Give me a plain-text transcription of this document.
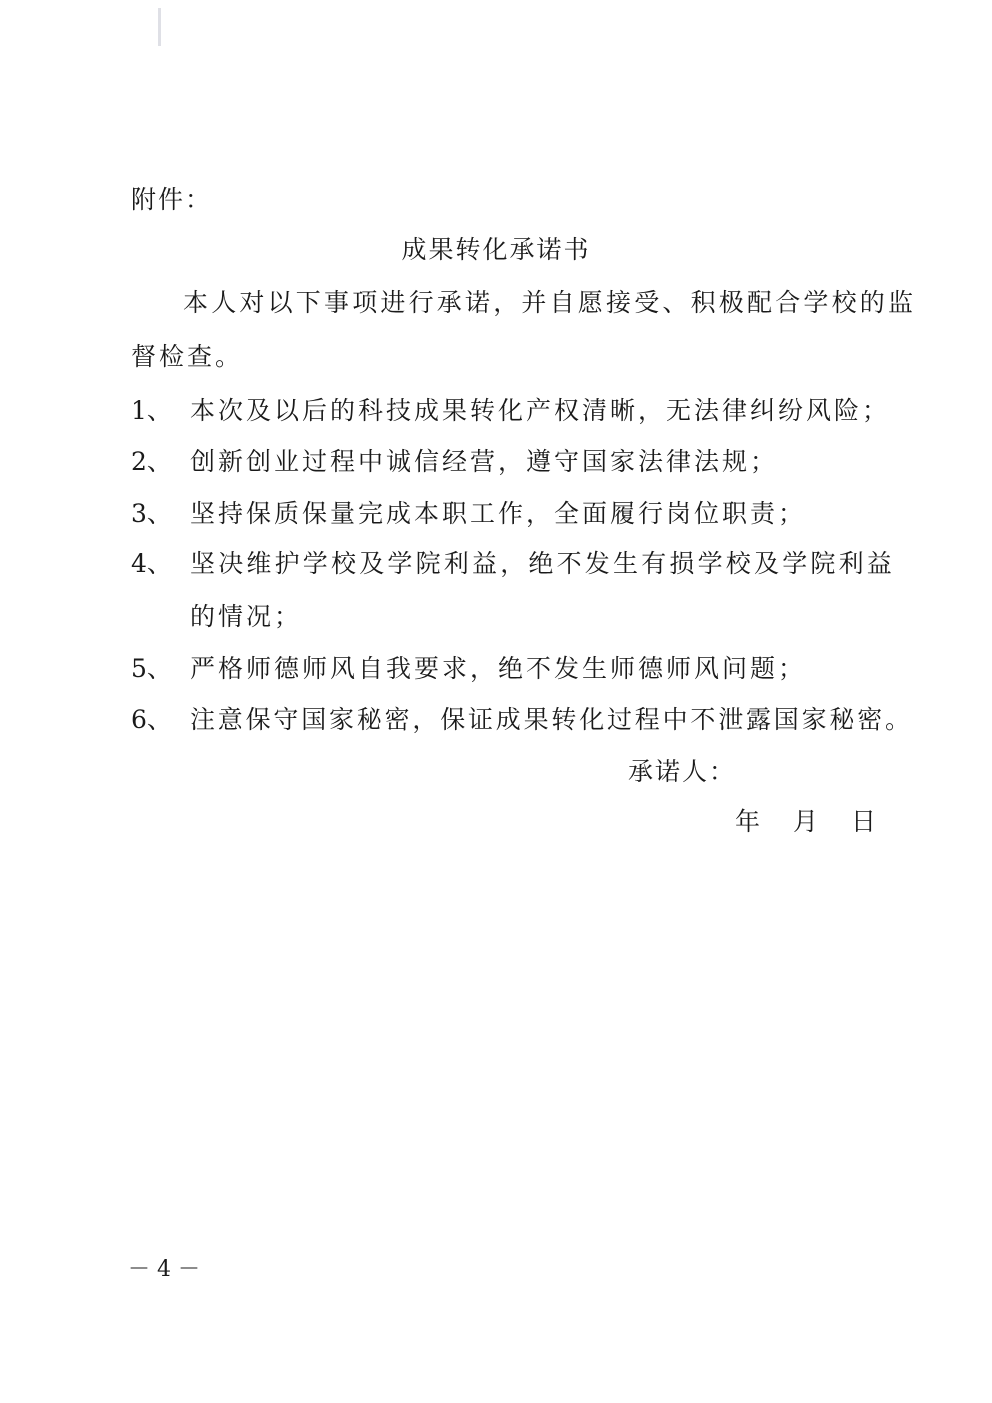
附件：
成果转化承诺书
本人对以下事项进行承诺，并自愿接受、积极配合学校的监
督检查。
1、 本次及以后的科技成果转化产权清晰，无法律纠纷风险；
2、 创新创业过程中诚信经营，遵守国家法律法规；
3、 坚持保质保量完成本职工作，全面履行岗位职责；
4、 坚决维护学校及学院利益，绝不发生有损学校及学院利益
的情况；
5、 严格师德师风自我要求，绝不发生师德师风问题；
6、 注意保守国家秘密，保证成果转化过程中不泄露国家秘密。
承诺人：
年 月 日
－ 4 －
